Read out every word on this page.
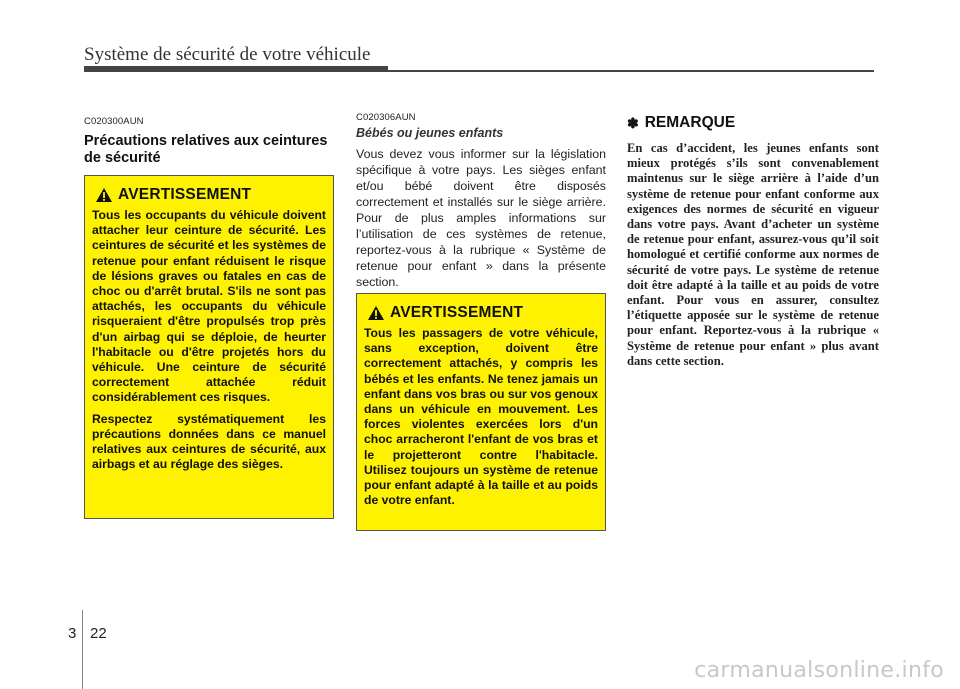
Système de sécurité de votre véhicule
C020300AUN
Précautions relatives aux ceintures de sécurité
AVERTISSEMENT
Tous les occupants du véhicule doivent attacher leur ceinture de sécurité. Les ceintures de sécurité et les systèmes de retenue pour enfant réduisent le risque de lésions graves ou fatales en cas de choc ou d'arrêt brutal. S'ils ne sont pas attachés, les occupants du véhicule risqueraient d'être propulsés trop près d'un airbag qui se déploie, de heurter l'habitacle ou d'être projetés hors du véhicule. Une ceinture de sécurité correctement attachée réduit considérablement ces risques.
Respectez systématiquement les précautions données dans ce manuel relatives aux ceintures de sécurité, aux airbags et au réglage des sièges.
C020306AUN
Bébés ou jeunes enfants
Vous devez vous informer sur la législation spécifique à votre pays. Les sièges enfant et/ou bébé doivent être disposés correctement et installés sur le siège arrière. Pour de plus amples informations sur l’utilisation de ces systèmes de retenue, reportez-vous à la rubrique « Système de retenue pour enfant » dans la présente section.
AVERTISSEMENT
Tous les passagers de votre véhicule, sans exception, doivent être correctement attachés, y compris les bébés et les enfants. Ne tenez jamais un enfant dans vos bras ou sur vos genoux dans un véhicule en mouvement. Les forces violentes exercées lors d'un choc arracheront l'enfant de vos bras et le projetteront contre l'habitacle. Utilisez toujours un système de retenue pour enfant adapté à la taille et au poids de votre enfant.
✽ REMARQUE
En cas d’accident, les jeunes enfants sont mieux protégés s’ils sont convenablement maintenus sur le siège arrière à l’aide d’un système de retenue pour enfant conforme aux exigences des normes de sécurité en vigueur dans votre pays. Avant d’acheter un système de retenue pour enfant, assurez-vous qu’il soit homologué et certifié conforme aux normes de sécurité de votre pays. Le système de retenue doit être adapté à la taille et au poids de votre enfant. Pour vous en assurer, consultez l’étiquette apposée sur le système de retenue pour enfant. Reportez-vous à la rubrique « Système de retenue pour enfant » plus avant dans cette section.
3 22
carmanualsonline.info
